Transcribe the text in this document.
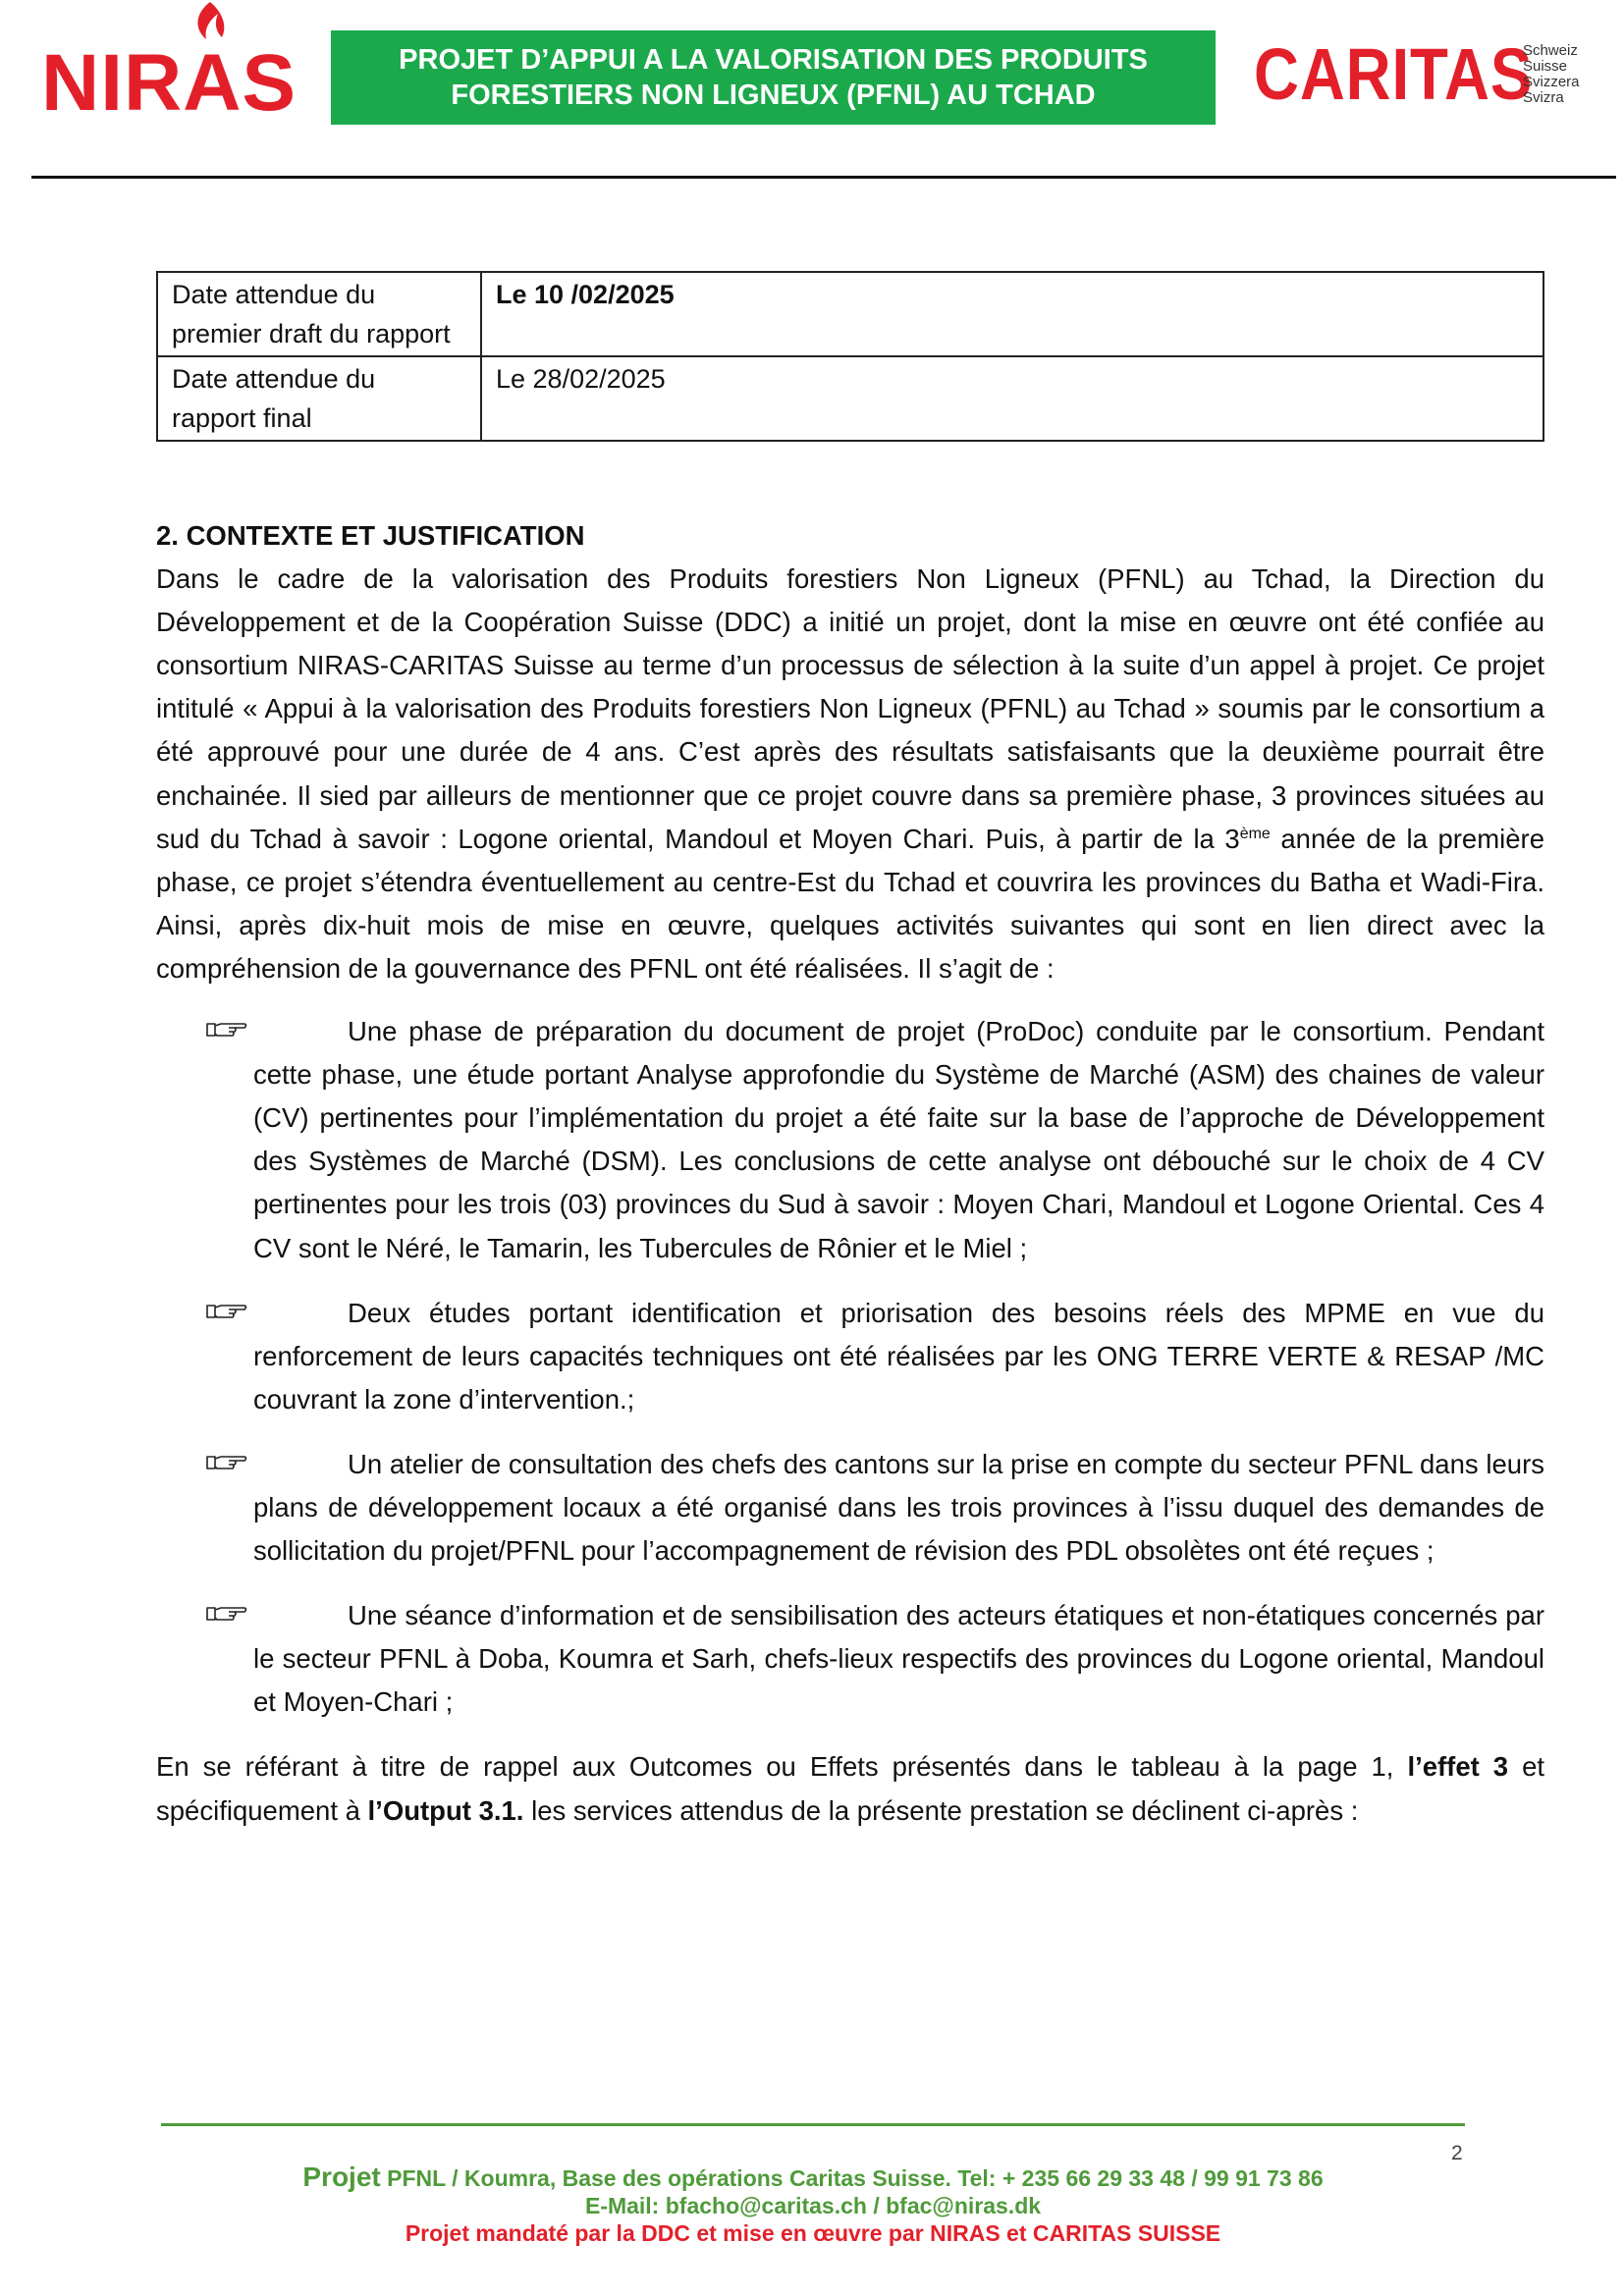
NIRAS	PROJET D’APPUI A LA VALORISATION DES PRODUITS
FORESTIERS NON LIGNEUX (PFNL) AU TCHAD CARITAS
Schweiz
Suisse
Svizzera
Svizra
Date attendue du premier draft du rapport	Le 10 /02/2025
Date attendue du rapport final	Le 28/02/2025

2. CONTEXTE ET JUSTIFICATION

Dans le cadre de la valorisation des Produits forestiers Non Ligneux (PFNL) au Tchad, la Direction du Développement et de la Coopération Suisse (DDC) a initié un projet, dont la mise en œuvre ont été confiée au consortium NIRAS-CARITAS Suisse au terme d’un processus de sélection à la suite d’un appel à projet. Ce projet intitulé « Appui à la valorisation des Produits forestiers Non Ligneux (PFNL) au Tchad » soumis par le consortium a été approuvé pour une durée de 4 ans. C’est après des résultats satisfaisants que la deuxième pourrait être enchainée. Il sied par ailleurs de mentionner que ce projet couvre dans sa première phase, 3 provinces situées au sud du Tchad à savoir : Logone oriental, Mandoul et Moyen Chari. Puis, à partir de la 3ème année de la première phase, ce projet s’étendra éventuellement au centre-Est du Tchad et couvrira les provinces du Batha et Wadi-Fira. Ainsi, après dix-huit mois de mise en œuvre, quelques activités suivantes qui sont en lien direct avec la compréhension de la gouvernance des PFNL ont été réalisées. Il s’agit de :

Une phase de préparation du document de projet (ProDoc) conduite par le consortium. Pendant cette phase, une étude portant Analyse approfondie du Système de Marché (ASM) des chaines de valeur (CV) pertinentes pour l’implémentation du projet a été faite sur la base de l’approche de Développement des Systèmes de Marché (DSM). Les conclusions de cette analyse ont débouché sur le choix de 4 CV pertinentes pour les trois (03) provinces du Sud à savoir : Moyen Chari, Mandoul et Logone Oriental. Ces 4 CV sont le Néré, le Tamarin, les Tubercules de Rônier et le Miel ;
Deux études portant identification et priorisation des besoins réels des MPME en vue du renforcement de leurs capacités techniques ont été réalisées par les ONG TERRE VERTE & RESAP /MC couvrant la zone d’intervention.;
Un atelier de consultation des chefs des cantons sur la prise en compte du secteur PFNL dans leurs plans de développement locaux a été organisé dans les trois provinces à l’issu duquel des demandes de sollicitation du projet/PFNL pour l’accompagnement de révision des PDL obsolètes ont été reçues ;
Une séance d’information et de sensibilisation des acteurs étatiques et non-étatiques concernés par le secteur PFNL à Doba, Koumra et Sarh, chefs-lieux respectifs des provinces du Logone oriental, Mandoul et Moyen-Chari ;

En se référant à titre de rappel aux Outcomes ou Effets présentés dans le tableau à la page 1, l’effet 3 et spécifiquement à l’Output 3.1. les services attendus de la présente prestation se déclinent ci-après :

2
Projet PFNL / Koumra, Base des opérations Caritas Suisse. Tel: + 235 66 29 33 48 / 99 91 73 86
E-Mail: bfacho@caritas.ch / bfac@niras.dk
Projet mandaté par la DDC et mise en œuvre par NIRAS et CARITAS SUISSE
